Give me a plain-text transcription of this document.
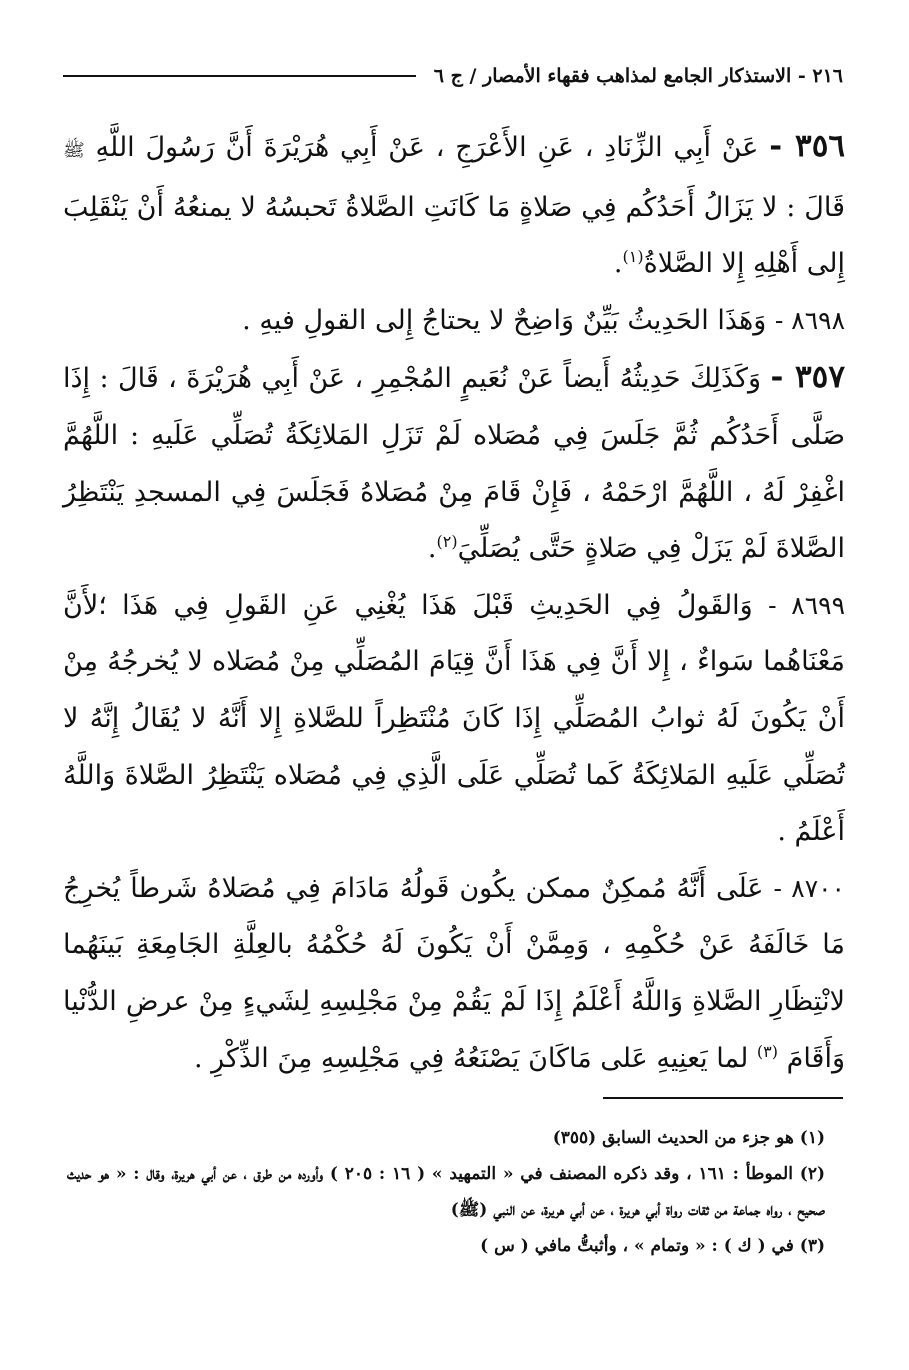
٢١٦ - الاستذكار الجامع لمذاهب فقهاء الأمصار / ج ٦

٣٥٦ - عَنْ أَبِي الزِّنَادِ ، عَنِ الأَعْرَجِ ، عَنْ أَبِي هُرَيْرَةَ أَنَّ رَسُولَ اللَّهِ ﷺ قَالَ : لا يَزَالُ أَحَدُكُم فِي صَلاةٍ مَا كَانَتِ الصَّلاةُ تَحبسُهُ لا يمنعُهُ أَنْ يَنْقَلِبَ إِلى أَهْلِهِ إِلا الصَّلاةُ$^{(١)}$.

٨٦٩٨ - وَهَذَا الحَدِيثُ بَيِّنٌ وَاضِحٌ لا يحتاجُ إِلى القولِ فيهِ .

٣٥٧ - وَكَذَلِكَ حَدِيثُهُ أَيضاً عَنْ نُعَيمٍ المُجْمِرِ ، عَنْ أَبِي هُرَيْرَةَ ، قَالَ : إِذَا صَلَّى أَحَدُكُم ثُمَّ جَلَسَ فِي مُصَلاه لَمْ تَزَلِ المَلائِكَةُ تُصَلِّي عَلَيهِ : اللَّهُمَّ اغْفِرْ لَهُ ، اللَّهُمَّ ارْحَمْهُ ، فَإِنْ قَامَ مِنْ مُصَلاهُ فَجَلَسَ فِي المسجدِ يَنْتَظِرُ الصَّلاةَ لَمْ يَزَلْ فِي صَلاةٍ حَتَّى يُصَلِّيَ$^{(٢)}$.

٨٦٩٩ - وَالقَولُ فِي الحَدِيثِ قَبْلَ هَذَا يُغْنِي عَنِ القَولِ فِي هَذَا ؛لأَنَّ مَعْنَاهُما سَواءٌ ، إِلا أَنَّ فِي هَذَا أَنَّ قِيَامَ المُصَلِّي مِنْ مُصَلاه لا يُخرجُهُ مِنْ أَنْ يَكُونَ لَهُ ثوابُ المُصَلِّي إِذَا كَانَ مُنْتَظِراً للصَّلاةِ إِلا أَنَّهُ لا يُقَالُ إِنَّهُ لا تُصَلِّي عَلَيهِ المَلائِكَةُ كَما تُصَلِّي عَلَى الَّذِي فِي مُصَلاه يَنْتَظِرُ الصَّلاةَ وَاللَّهُ أَعْلَمُ .

٨٧٠٠ - عَلَى أَنَّهُ مُمكِنٌ ممكن يكُون قَولُهُ مَادَامَ فِي مُصَلاهُ شَرطاً يُخرِجُ مَا خَالَفَهُ عَنْ حُكْمِهِ ، وَمِمَّنْ أَنْ يَكُونَ لَهُ حُكْمُهُ بالعِلَّةِ الجَامِعَةِ بَينَهُما لانْتِظَارِ الصَّلاةِ وَاللَّهُ أَعْلَمُ إِذَا لَمْ يَقُمْ مِنْ مَجْلِسِهِ لِشَيءٍ مِنْ عرضِ الدُّنْيا وَأَقَامَ $^{(٣)}$ لما يَعنِيهِ عَلى مَاكَانَ يَصْنَعُهُ فِي مَجْلِسِهِ مِنَ الذِّكْرِ .

(١) هو جزء من الحديث السابق (٣٥٥)

(٢) الموطأ : ١٦١ ، وقد ذكره المصنف في « التمهيد » ( ١٦ : ٢٠٥ ) وأورده من طرق ، عن أبي هريرة، وقال : « هو حديث صحيح ، رواه جماعة من ثقات رواة أبي هريرة ، عن أبي هريرة، عن النبي (ﷺ)

(٣) في ( ك ) : « وتمام » ، وأثبتُّ مافي ( س )
